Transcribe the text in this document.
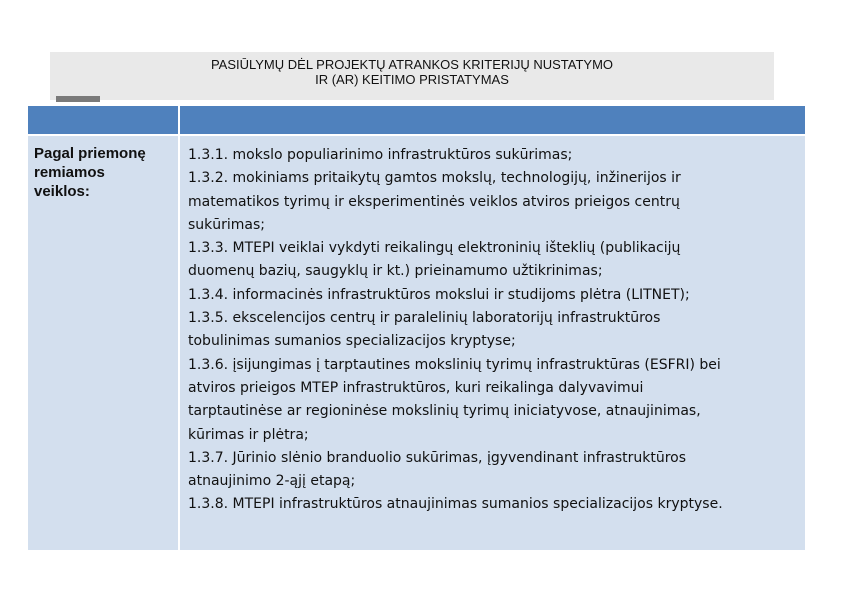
PASIŪLYMŲ DĖL PROJEKTŲ ATRANKOS KRITERIJŲ NUSTATYMO
IR (AR) KEITIMO PRISTATYMAS
Pagal priemonę
remiamos
veiklos:
1.3.1. mokslo populiarinimo infrastruktūros sukūrimas;
1.3.2. mokiniams pritaikytų gamtos mokslų, technologijų, inžinerijos ir
matematikos tyrimų ir eksperimentinės veiklos atviros prieigos centrų
sukūrimas;
1.3.3. MTEPI veiklai vykdyti reikalingų elektroninių išteklių (publikacijų
duomenų bazių, saugyklų ir kt.) prieinamumo užtikrinimas;
1.3.4. informacinės infrastruktūros mokslui ir studijoms plėtra (LITNET);
1.3.5. ekscelencijos centrų ir paralelinių laboratorijų infrastruktūros
tobulinimas sumanios specializacijos kryptyse;
1.3.6. įsijungimas į tarptautines mokslinių tyrimų infrastruktūras (ESFRI) bei
atviros prieigos MTEP infrastruktūros, kuri reikalinga dalyvavimui
tarptautinėse ar regioninėse mokslinių tyrimų iniciatyvose, atnaujinimas,
kūrimas ir plėtra;
1.3.7. Jūrinio slėnio branduolio sukūrimas, įgyvendinant infrastruktūros
atnaujinimo 2-ąjį etapą;
1.3.8. MTEPI infrastruktūros atnaujinimas sumanios specializacijos kryptyse.
